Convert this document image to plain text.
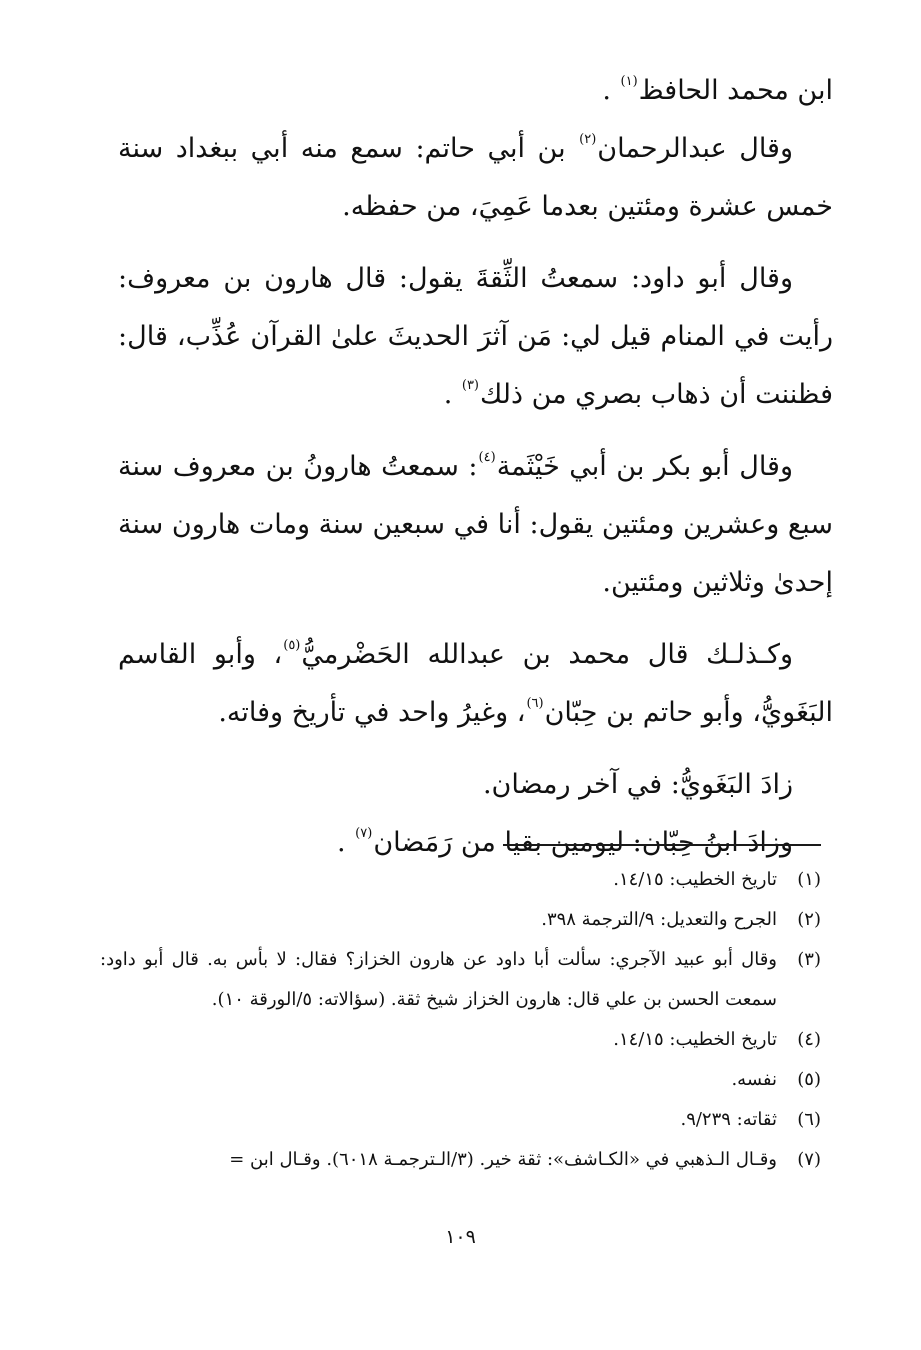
ابن محمد الحافظ$^{(١)}$ .

وقال عبدالرحمان$^{(٢)}$ بن أبي حاتم: سمع منه أبي ببغداد سنة خمس عشرة ومئتين بعدما عَمِيَ، من حفظه.

وقال أبو داود: سمعتُ الثِّقةَ يقول: قال هارون بن معروف: رأيت في المنام قيل لي: مَن آثرَ الحديثَ علىٰ القرآن عُذِّب، قال: فظننت أن ذهاب بصري من ذلك$^{(٣)}$ .

وقال أبو بكر بن أبي خَيْثَمة$^{(٤)}$: سمعتُ هارونُ بن معروف سنة سبع وعشرين ومئتين يقول: أنا في سبعين سنة ومات هارون سنة إحدىٰ وثلاثين ومئتين.

وكـذلـك قال محمد بن عبدالله الحَضْرميُّ$^{(٥)}$، وأبو القاسم البَغَويُّ، وأبو حاتم بن حِبّان$^{(٦)}$، وغيرُ واحد في تأريخ وفاته.

زادَ البَغَويُّ: في آخر رمضان.

وزادَ ابنُ حِبّان: ليومين بقيا من رَمَضان$^{(٧)}$ .

(١)
تاريخ الخطيب: ١٤/١٥.
(٢)
الجرح والتعديل: ٩/الترجمة ٣٩٨.
(٣)
وقال أبو عبيد الآجري: سألت أبا داود عن هارون الخزاز؟ فقال: لا بأس به. قال أبو داود: سمعت الحسن بن علي قال: هارون الخزاز شيخ ثقة. (سؤالاته: ٥/الورقة ١٠).
(٤)
تاريخ الخطيب: ١٤/١٥.
(٥)
نفسه.
(٦)
ثقاته: ٩/٢٣٩.
(٧)
وقـال الـذهبي في «الكـاشف»: ثقة خير. (٣/الـترجمـة ٦٠١٨). وقـال ابن =
١٠٩
